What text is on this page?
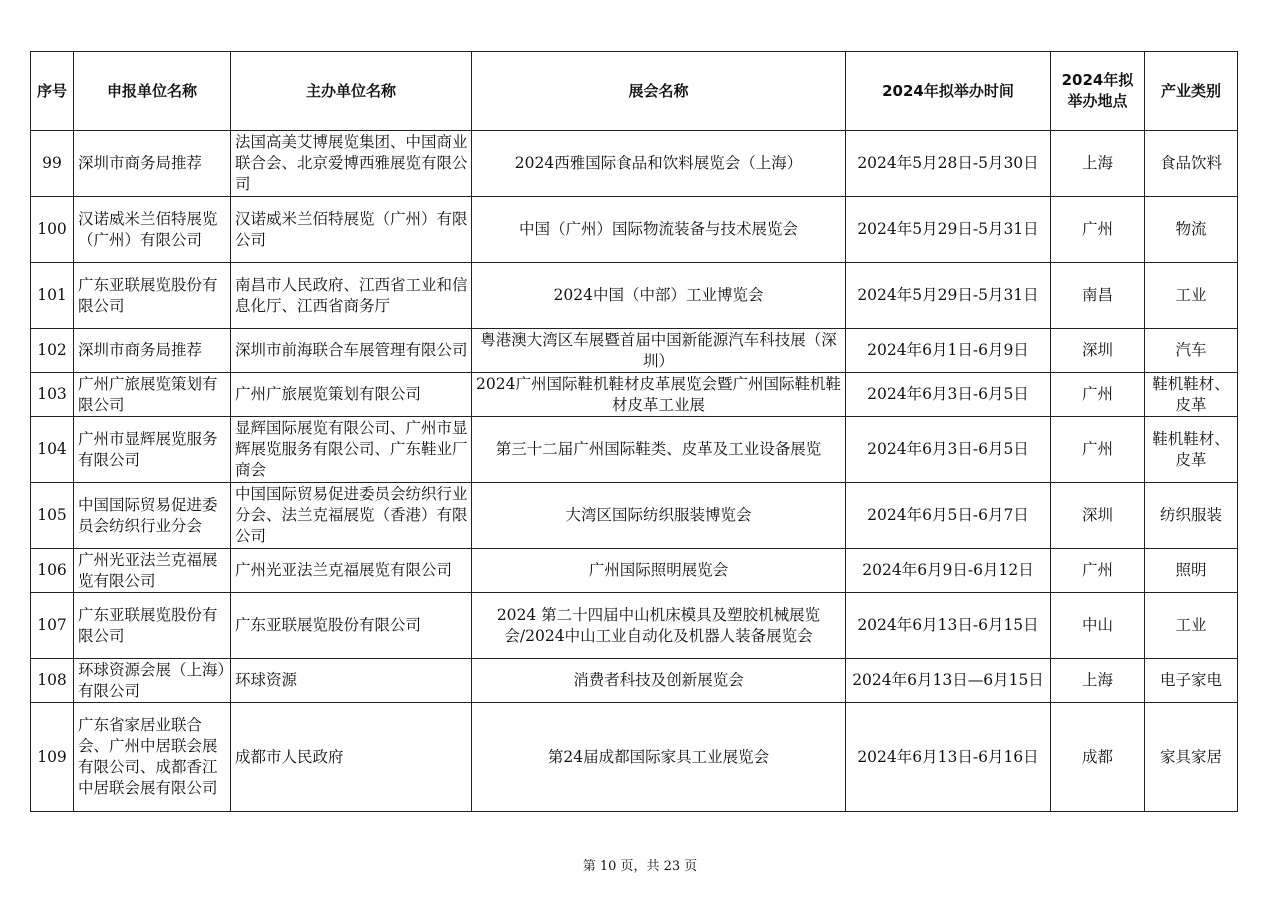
序号	申报单位名称	主办单位名称	展会名称	2024年拟举办时间	2024年拟举办地点	产业类别
99	深圳市商务局推荐	法国高美艾博展览集团、中国商业联合会、北京爱博西雅展览有限公司	2024西雅国际食品和饮料展览会（上海）	2024年5月28日-5月30日	上海	食品饮料
100	汉诺威米兰佰特展览（广州）有限公司	汉诺威米兰佰特展览（广州）有限公司	中国（广州）国际物流装备与技术展览会	2024年5月29日-5月31日	广州	物流
101	广东亚联展览股份有限公司	南昌市人民政府、江西省工业和信息化厅、江西省商务厅	2024中国（中部）工业博览会	2024年5月29日-5月31日	南昌	工业
102	深圳市商务局推荐	深圳市前海联合车展管理有限公司	粤港澳大湾区车展暨首届中国新能源汽车科技展（深圳）	2024年6月1日-6月9日	深圳	汽车
103	广州广旅展览策划有限公司	广州广旅展览策划有限公司	2024广州国际鞋机鞋材皮革展览会暨广州国际鞋机鞋材皮革工业展	2024年6月3日-6月5日	广州	鞋机鞋材、皮革
104	广州市显辉展览服务有限公司	显辉国际展览有限公司、广州市显辉展览服务有限公司、广东鞋业厂商会	第三十二届广州国际鞋类、皮革及工业设备展览	2024年6月3日-6月5日	广州	鞋机鞋材、皮革
105	中国国际贸易促进委员会纺织行业分会	中国国际贸易促进委员会纺织行业分会、法兰克福展览（香港）有限公司	大湾区国际纺织服装博览会	2024年6月5日-6月7日	深圳	纺织服装
106	广州光亚法兰克福展览有限公司	广州光亚法兰克福展览有限公司	广州国际照明展览会	2024年6月9日-6月12日	广州	照明
107	广东亚联展览股份有限公司	广东亚联展览股份有限公司	2024 第二十四届中山机床模具及塑胶机械展览会/2024中山工业自动化及机器人装备展览会	2024年6月13日-6月15日	中山	工业
108	环球资源会展（上海）有限公司	环球资源	消费者科技及创新展览会	2024年6月13日—6月15日	上海	电子家电
109	广东省家居业联合会、广州中居联会展有限公司、成都香江中居联会展有限公司	成都市人民政府	第24届成都国际家具工业展览会	2024年6月13日-6月16日	成都	家具家居
第 10 页，共 23 页
